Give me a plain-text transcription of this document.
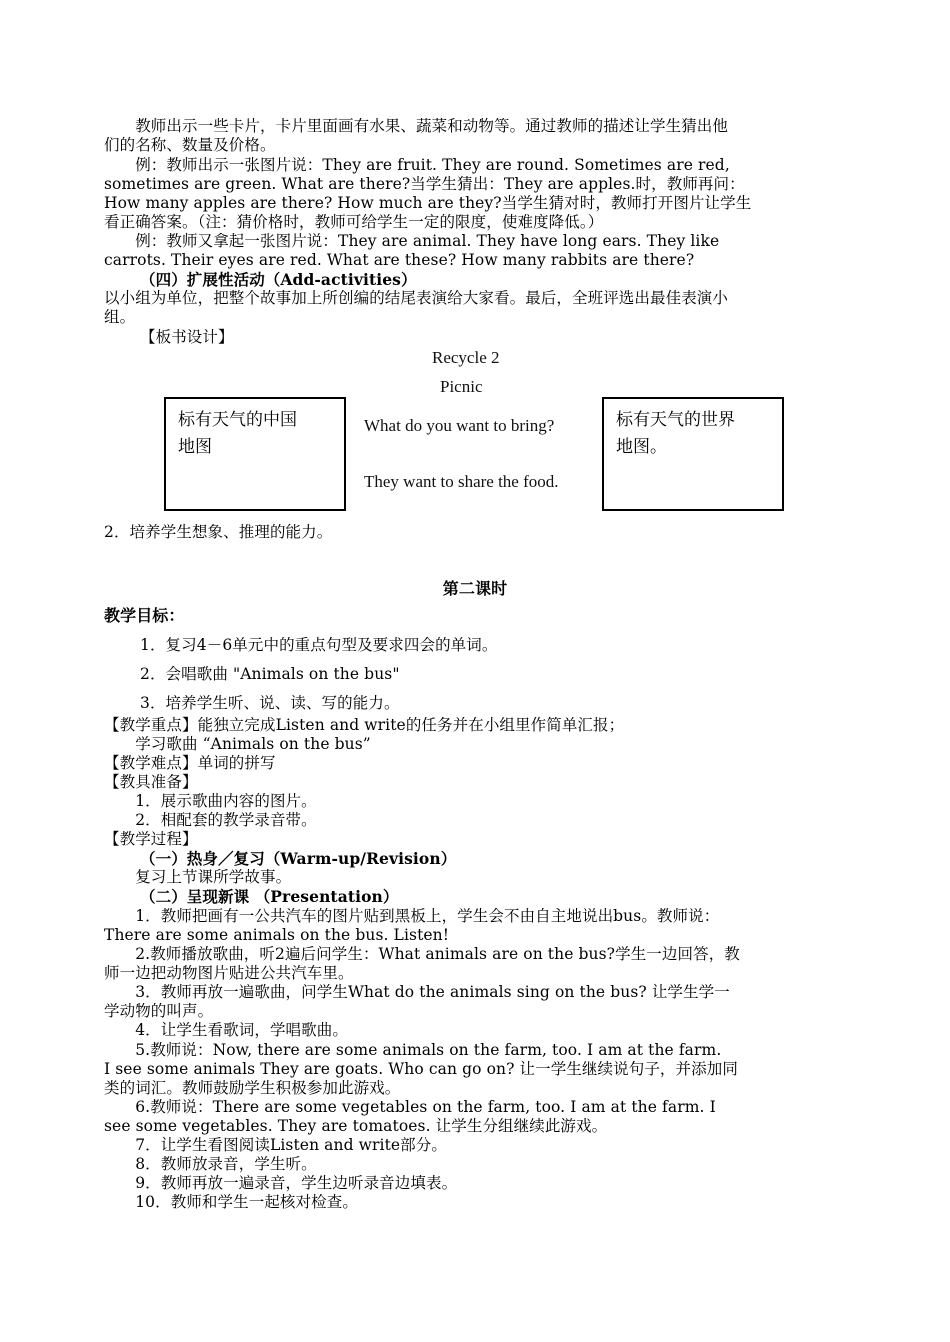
　　教师出示一些卡片，卡片里面画有水果、蔬菜和动物等。通过教师的描述让学生猜出他
们的名称、数量及价格。
　　例：教师出示一张图片说：They are fruit. They are round. Sometimes are red,
sometimes are green. What are there?当学生猜出：They are apples.时，教师再问：
How many apples are there? How much are they?当学生猜对时，教师打开图片让学生
看正确答案。（注：猜价格时，教师可给学生一定的限度，使难度降低。）
　　例：教师又拿起一张图片说：They are animal. They have long ears. They like
carrots. Their eyes are red. What are these? How many rabbits are there?
（四）扩展性活动（Add-activities）
以小组为单位，把整个故事加上所创编的结尾表演给大家看。最后，全班评选出最佳表演小
组。
【板书设计】
Recycle 2
Picnic
标有天气的中国
地图
What do you want to bring?
They want to share the food.
标有天气的世界
地图。
2．培养学生想象、推理的能力。
第二课时
教学目标：
1．复习4－6单元中的重点句型及要求四会的单词。
2．会唱歌曲 "Animals on the bus"
3．培养学生听、说、读、写的能力。
【教学重点】能独立完成Listen and write的任务并在小组里作简单汇报；
　　学习歌曲 “Animals on the bus”
【教学难点】单词的拼写
【教具准备】
　　1．展示歌曲内容的图片。
　　2．相配套的教学录音带。
【教学过程】
（一）热身／复习（Warm-up/Revision）
　　复习上节课所学故事。
（二）呈现新课 （Presentation）
　　1．教师把画有一公共汽车的图片贴到黑板上，学生会不由自主地说出bus。教师说：
There are some animals on the bus. Listen!
　　2.教师播放歌曲，听2遍后问学生：What animals are on the bus?学生一边回答，教
师一边把动物图片贴进公共汽车里。
　　3．教师再放一遍歌曲，问学生What do the animals sing on the bus? 让学生学一
学动物的叫声。
　　4．让学生看歌词，学唱歌曲。
　　5.教师说：Now, there are some animals on the farm, too. I am at the farm.
I see some animals They are goats. Who can go on? 让一学生继续说句子，并添加同
类的词汇。教师鼓励学生积极参加此游戏。
　　6.教师说：There are some vegetables on the farm, too. I am at the farm. I
see some vegetables. They are tomatoes. 让学生分组继续此游戏。
　　7．让学生看图阅读Listen and write部分。
　　8．教师放录音，学生听。
　　9．教师再放一遍录音，学生边听录音边填表。
　　10．教师和学生一起核对检查。
